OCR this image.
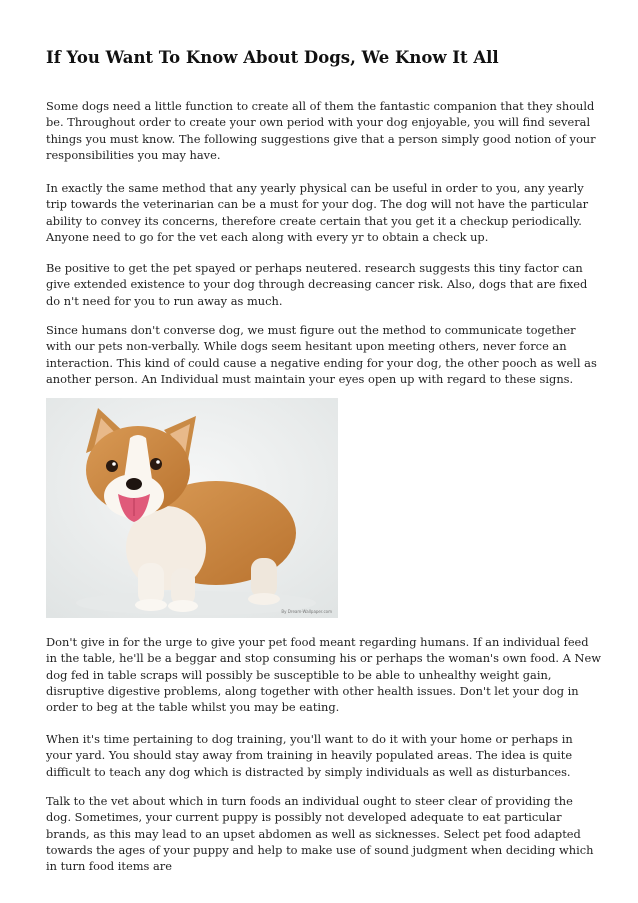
If You Want To Know About Dogs, We Know It All

Some dogs need a little function to create all of them the fantastic companion that they should be. Throughout order to create your own period with your dog enjoyable, you will find several things you must know. The following suggestions give that a person simply good notion of your responsibilities you may have.

In exactly the same method that any yearly physical can be useful in order to you, any yearly trip towards the veterinarian can be a must for your dog. The dog will not have the particular ability to convey its concerns, therefore create certain that you get it a checkup periodically. Anyone need to go for the vet each along with every yr to obtain a check up.

Be positive to get the pet spayed or perhaps neutered. research suggests this tiny factor can give extended existence to your dog through decreasing cancer risk. Also, dogs that are fixed do n't need for you to run away as much.

Since humans don't converse dog, we must figure out the method to communicate together with our pets non-verbally. While dogs seem hesitant upon meeting others, never force an interaction. This kind of could cause a negative ending for your dog, the other pooch as well as another person. An Individual must maintain your eyes open up with regard to these signs.

By Dream-Wallpaper.com

Don't give in for the urge to give your pet food meant regarding humans. If an individual feed in the table, he'll be a beggar and stop consuming his or perhaps the woman's own food. A New dog fed in table scraps will possibly be susceptible to be able to unhealthy weight gain, disruptive digestive problems, along together with other health issues. Don't let your dog in order to beg at the table whilst you may be eating.

When it's time pertaining to dog training, you'll want to do it with your home or perhaps in your yard. You should stay away from training in heavily populated areas. The idea is quite difficult to teach any dog which is distracted by simply individuals as well as disturbances.

Talk to the vet about which in turn foods an individual ought to steer clear of providing the dog. Sometimes, your current puppy is possibly not developed adequate to eat particular brands, as this may lead to an upset abdomen as well as sicknesses. Select pet food adapted towards the ages of your puppy and help to make use of sound judgment when deciding which in turn food items are
